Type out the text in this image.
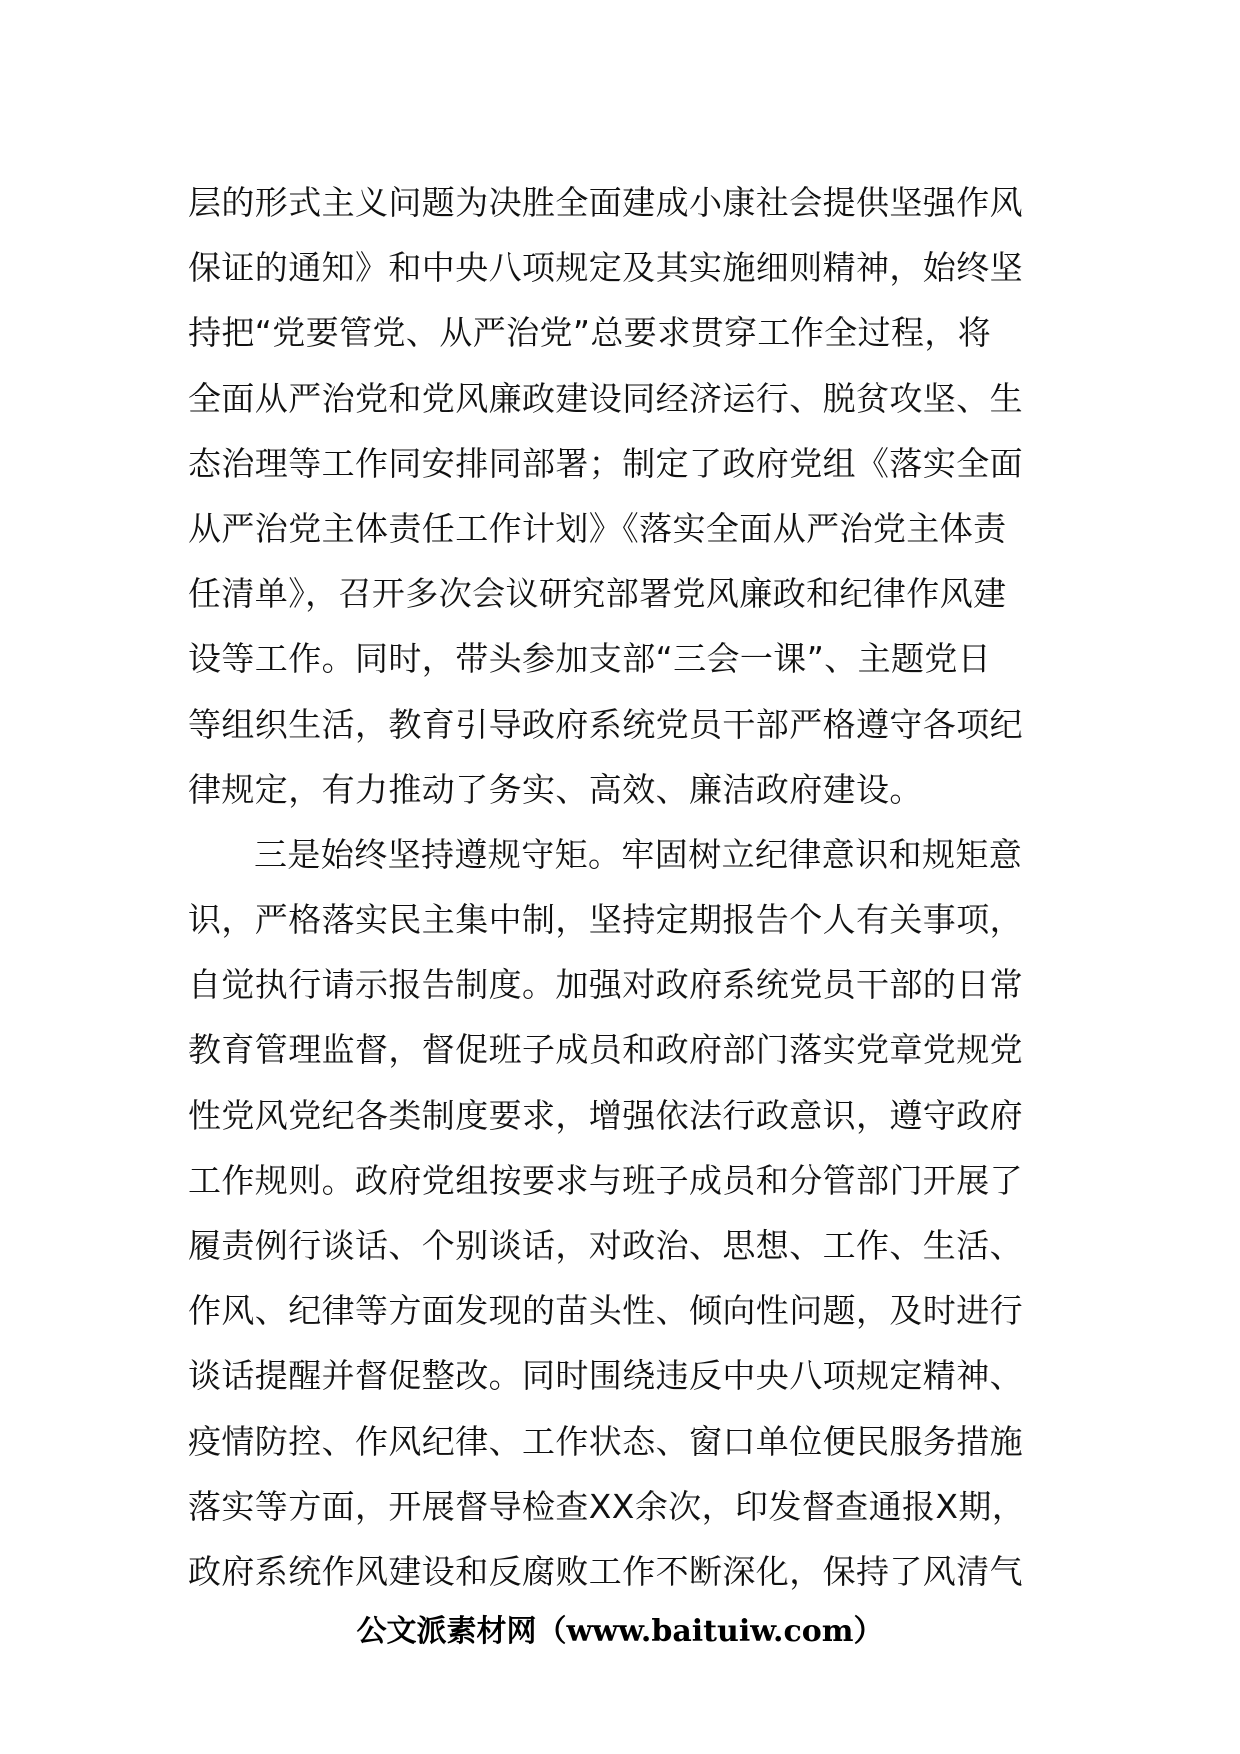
层的形式主义问题为决胜全面建成小康社会提供坚强作风
保证的通知》和中央八项规定及其实施细则精神，始终坚
持把“党要管党、从严治党”总要求贯穿工作全过程，将
全面从严治党和党风廉政建设同经济运行、脱贫攻坚、生
态治理等工作同安排同部署；制定了政府党组《落实全面
从严治党主体责任工作计划》《落实全面从严治党主体责
任清单》，召开多次会议研究部署党风廉政和纪律作风建
设等工作。同时，带头参加支部“三会一课”、主题党日
等组织生活，教育引导政府系统党员干部严格遵守各项纪
律规定，有力推动了务实、高效、廉洁政府建设。
三是始终坚持遵规守矩。牢固树立纪律意识和规矩意
识，严格落实民主集中制，坚持定期报告个人有关事项，
自觉执行请示报告制度。加强对政府系统党员干部的日常
教育管理监督，督促班子成员和政府部门落实党章党规党
性党风党纪各类制度要求，增强依法行政意识，遵守政府
工作规则。政府党组按要求与班子成员和分管部门开展了
履责例行谈话、个别谈话，对政治、思想、工作、生活、
作风、纪律等方面发现的苗头性、倾向性问题，及时进行
谈话提醒并督促整改。同时围绕违反中央八项规定精神、
疫情防控、作风纪律、工作状态、窗口单位便民服务措施
落实等方面，开展督导检查XX余次，印发督查通报X期，
政府系统作风建设和反腐败工作不断深化，保持了风清气
公文派素材网（www.baituiw.com）
